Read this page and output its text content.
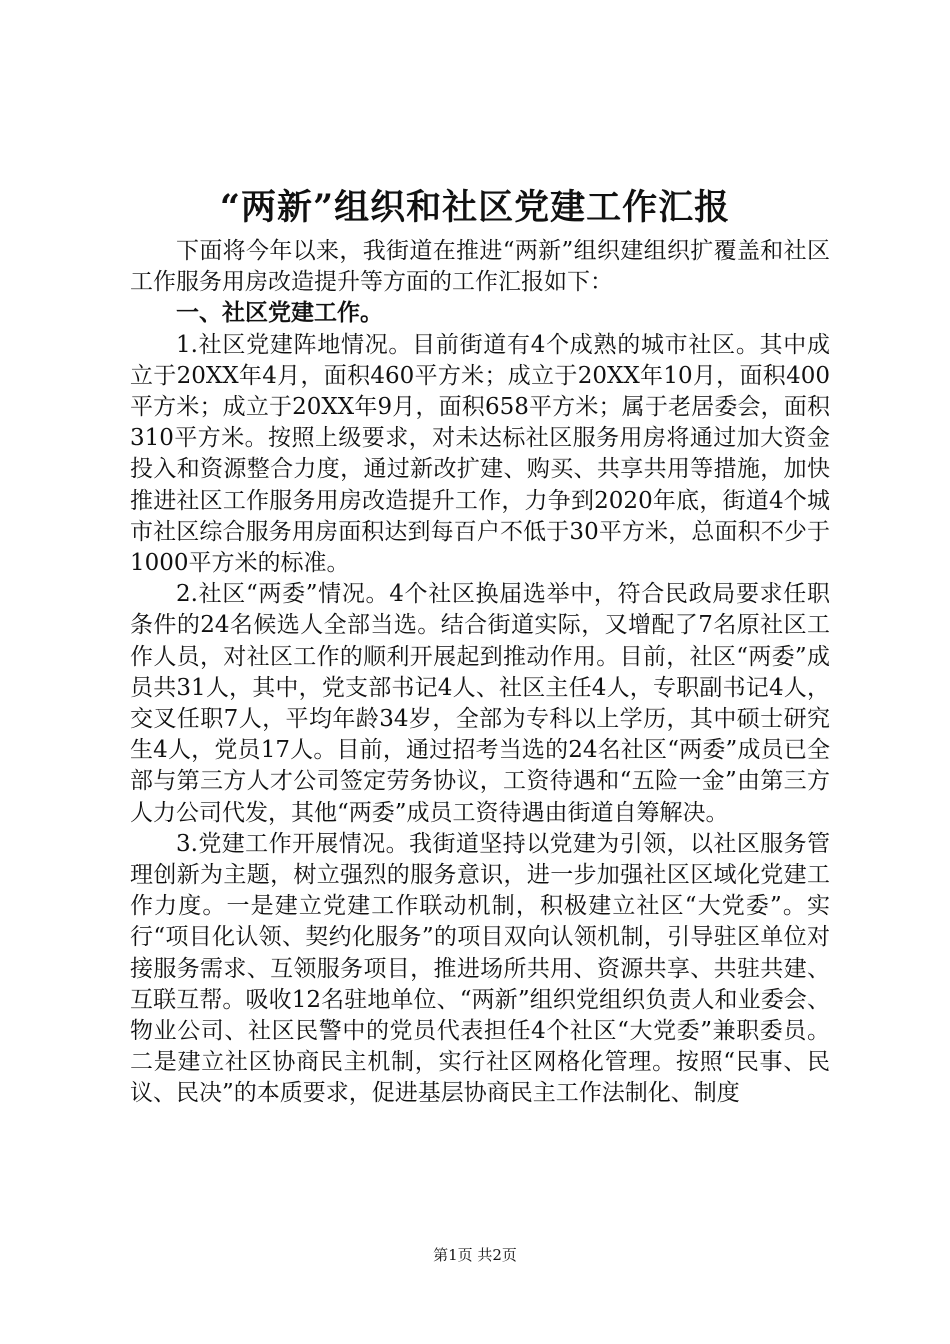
“两新”组织和社区党建工作汇报

下面将今年以来，我街道在推进“两新”组织建组织扩覆盖和社区工作服务用房改造提升等方面的工作汇报如下：

一、社区党建工作。

1.社区党建阵地情况。目前街道有4个成熟的城市社区。其中成立于20XX年4月，面积460平方米；成立于20XX年10月，面积400平方米；成立于20XX年9月，面积658平方米；属于老居委会，面积310平方米。按照上级要求，对未达标社区服务用房将通过加大资金投入和资源整合力度，通过新改扩建、购买、共享共用等措施，加快推进社区工作服务用房改造提升工作，力争到2020年底，街道4个城市社区综合服务用房面积达到每百户不低于30平方米，总面积不少于1000平方米的标准。

2.社区“两委”情况。4个社区换届选举中，符合民政局要求任职条件的24名候选人全部当选。结合街道实际，又增配了7名原社区工作人员，对社区工作的顺利开展起到推动作用。目前，社区“两委”成员共31人，其中，党支部书记4人、社区主任4人，专职副书记4人，交叉任职7人，平均年龄34岁，全部为专科以上学历，其中硕士研究生4人，党员17人。目前，通过招考当选的24名社区“两委”成员已全部与第三方人才公司签定劳务协议，工资待遇和“五险一金”由第三方人力公司代发，其他“两委”成员工资待遇由街道自筹解决。

3.党建工作开展情况。我街道坚持以党建为引领，以社区服务管理创新为主题，树立强烈的服务意识，进一步加强社区区域化党建工作力度。一是建立党建工作联动机制，积极建立社区“大党委”。实行“项目化认领、契约化服务”的项目双向认领机制，引导驻区单位对接服务需求、互领服务项目，推进场所共用、资源共享、共驻共建、互联互帮。吸收12名驻地单位、“两新”组织党组织负责人和业委会、物业公司、社区民警中的党员代表担任4个社区“大党委”兼职委员。二是建立社区协商民主机制，实行社区网格化管理。按照“民事、民议、民决”的本质要求，促进基层协商民主工作法制化、制度

第1页 共2页
